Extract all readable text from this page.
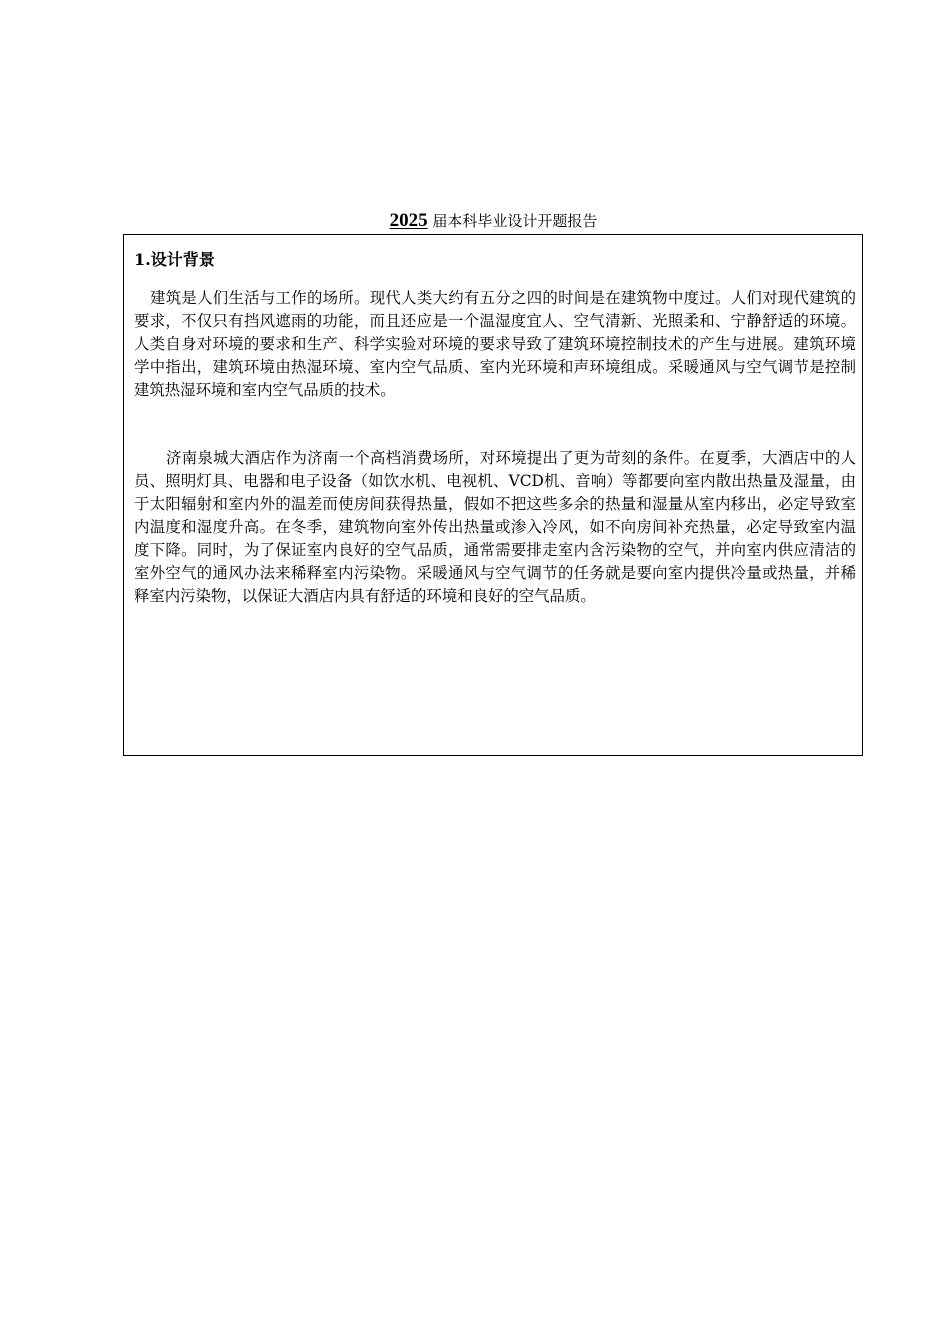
2025 届本科毕业设计开题报告
1.设计背景

建筑是人们生活与工作的场所。现代人类大约有五分之四的时间是在建筑物中度过。人们对现代建筑的要求，不仅只有挡风遮雨的功能，而且还应是一个温湿度宜人、空气清新、光照柔和、宁静舒适的环境。人类自身对环境的要求和生产、科学实验对环境的要求导致了建筑环境控制技术的产生与进展。建筑环境学中指出，建筑环境由热湿环境、室内空气品质、室内光环境和声环境组成。采暖通风与空气调节是控制建筑热湿环境和室内空气品质的技术。

济南泉城大酒店作为济南一个高档消费场所，对环境提出了更为苛刻的条件。在夏季，大酒店中的人员、照明灯具、电器和电子设备（如饮水机、电视机、VCD机、音响）等都要向室内散出热量及湿量，由于太阳辐射和室内外的温差而使房间获得热量，假如不把这些多余的热量和湿量从室内移出，必定导致室内温度和湿度升高。在冬季，建筑物向室外传出热量或渗入冷风，如不向房间补充热量，必定导致室内温度下降。同时，为了保证室内良好的空气品质，通常需要排走室内含污染物的空气，并向室内供应清洁的室外空气的通风办法来稀释室内污染物。采暖通风与空气调节的任务就是要向室内提供冷量或热量，并稀释室内污染物，以保证大酒店内具有舒适的环境和良好的空气品质。
